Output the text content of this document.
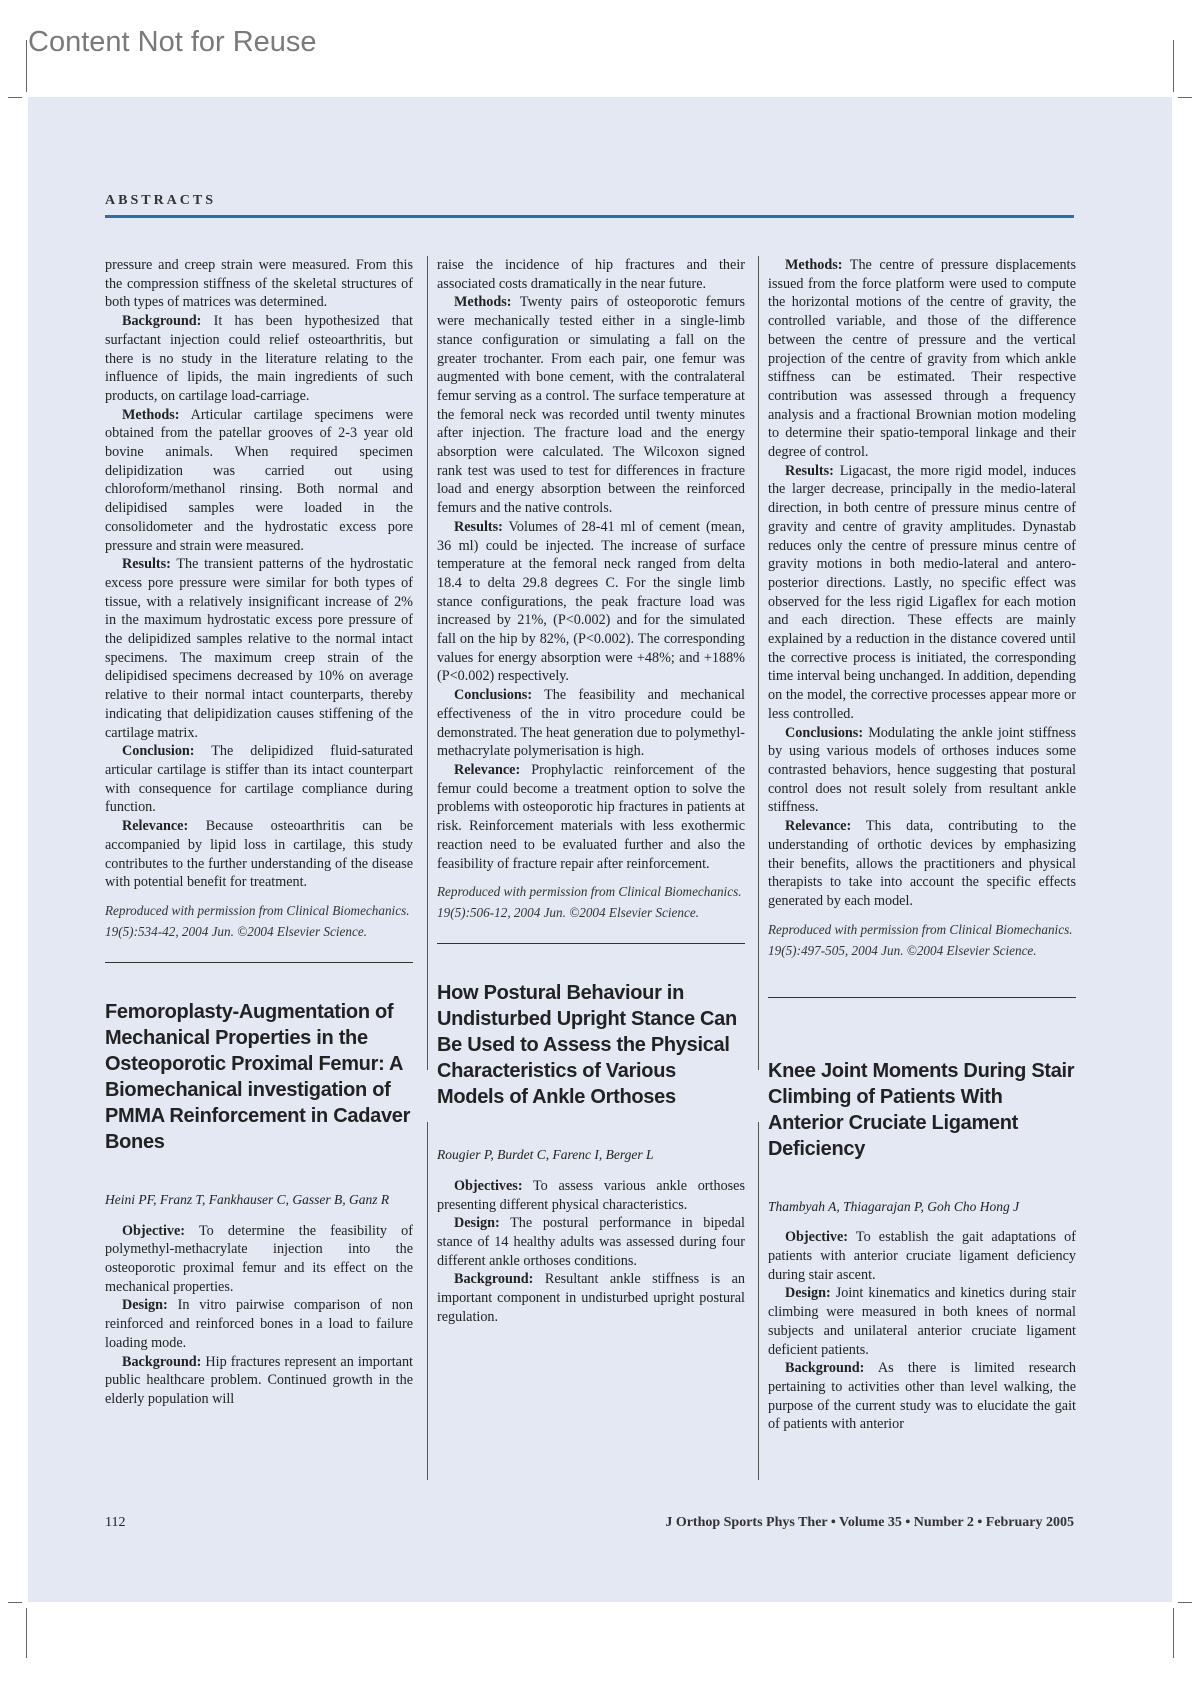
Content Not for Reuse
ABSTRACTS

pressure and creep strain were measured. From this the compression stiffness of the skeletal structures of both types of matrices was determined.

Background: It has been hypothesized that surfactant injection could relief osteoarthritis, but there is no study in the literature relating to the influence of lipids, the main ingredients of such products, on cartilage load-carriage.

Methods: Articular cartilage specimens were obtained from the patellar grooves of 2-3 year old bovine animals. When required specimen delipidization was carried out using chloroform/methanol rinsing. Both normal and delipidised samples were loaded in the consolidometer and the hydrostatic excess pore pressure and strain were measured.

Results: The transient patterns of the hydrostatic excess pore pressure were similar for both types of tissue, with a relatively insignificant increase of 2% in the maximum hydrostatic excess pore pressure of the delipidized samples relative to the normal intact specimens. The maximum creep strain of the delipidised specimens decreased by 10% on average relative to their normal intact counterparts, thereby indicating that delipidization causes stiffening of the cartilage matrix.

Conclusion: The delipidized fluid-saturated articular cartilage is stiffer than its intact counterpart with consequence for cartilage compliance during function.

Relevance: Because osteoarthritis can be accompanied by lipid loss in cartilage, this study contributes to the further understanding of the disease with potential benefit for treatment.

Reproduced with permission from Clinical Biomechanics. 19(5):534-42, 2004 Jun. ©2004 Elsevier Science.

Femoroplasty-Augmentation of Mechanical Properties in the Osteoporotic Proximal Femur: A Biomechanical investigation of PMMA Reinforcement in Cadaver Bones

Heini PF, Franz T, Fankhauser C, Gasser B, Ganz R

Objective: To determine the feasibility of polymethyl-methacrylate injection into the osteoporotic proximal femur and its effect on the mechanical properties.

Design: In vitro pairwise comparison of non reinforced and reinforced bones in a load to failure loading mode.

Background: Hip fractures represent an important public healthcare problem. Continued growth in the elderly population will

raise the incidence of hip fractures and their associated costs dramatically in the near future.

Methods: Twenty pairs of osteoporotic femurs were mechanically tested either in a single-limb stance configuration or simulating a fall on the greater trochanter. From each pair, one femur was augmented with bone cement, with the contralateral femur serving as a control. The surface temperature at the femoral neck was recorded until twenty minutes after injection. The fracture load and the energy absorption were calculated. The Wilcoxon signed rank test was used to test for differences in fracture load and energy absorption between the reinforced femurs and the native controls.

Results: Volumes of 28-41 ml of cement (mean, 36 ml) could be injected. The increase of surface temperature at the femoral neck ranged from delta 18.4 to delta 29.8 degrees C. For the single limb stance configurations, the peak fracture load was increased by 21%, (P<0.002) and for the simulated fall on the hip by 82%, (P<0.002). The corresponding values for energy absorption were +48%; and +188% (P<0.002) respectively.

Conclusions: The feasibility and mechanical effectiveness of the in vitro procedure could be demonstrated. The heat generation due to polymethyl-methacrylate polymerisation is high.

Relevance: Prophylactic reinforcement of the femur could become a treatment option to solve the problems with osteoporotic hip fractures in patients at risk. Reinforcement materials with less exothermic reaction need to be evaluated further and also the feasibility of fracture repair after reinforcement.

Reproduced with permission from Clinical Biomechanics. 19(5):506-12, 2004 Jun. ©2004 Elsevier Science.

How Postural Behaviour in Undisturbed Upright Stance Can Be Used to Assess the Physical Characteristics of Various Models of Ankle Orthoses

Rougier P, Burdet C, Farenc I, Berger L

Objectives: To assess various ankle orthoses presenting different physical characteristics.

Design: The postural performance in bipedal stance of 14 healthy adults was assessed during four different ankle orthoses conditions.

Background: Resultant ankle stiffness is an important component in undisturbed upright postural regulation.

Methods: The centre of pressure displacements issued from the force platform were used to compute the horizontal motions of the centre of gravity, the controlled variable, and those of the difference between the centre of pressure and the vertical projection of the centre of gravity from which ankle stiffness can be estimated. Their respective contribution was assessed through a frequency analysis and a fractional Brownian motion modeling to determine their spatio-temporal linkage and their degree of control.

Results: Ligacast, the more rigid model, induces the larger decrease, principally in the medio-lateral direction, in both centre of pressure minus centre of gravity and centre of gravity amplitudes. Dynastab reduces only the centre of pressure minus centre of gravity motions in both medio-lateral and antero-posterior directions. Lastly, no specific effect was observed for the less rigid Ligaflex for each motion and each direction. These effects are mainly explained by a reduction in the distance covered until the corrective process is initiated, the corresponding time interval being unchanged. In addition, depending on the model, the corrective processes appear more or less controlled.

Conclusions: Modulating the ankle joint stiffness by using various models of orthoses induces some contrasted behaviors, hence suggesting that postural control does not result solely from resultant ankle stiffness.

Relevance: This data, contributing to the understanding of orthotic devices by emphasizing their benefits, allows the practitioners and physical therapists to take into account the specific effects generated by each model.

Reproduced with permission from Clinical Biomechanics. 19(5):497-505, 2004 Jun. ©2004 Elsevier Science.

Knee Joint Moments During Stair Climbing of Patients With Anterior Cruciate Ligament Deficiency

Thambyah A, Thiagarajan P, Goh Cho Hong J

Objective: To establish the gait adaptations of patients with anterior cruciate ligament deficiency during stair ascent.

Design: Joint kinematics and kinetics during stair climbing were measured in both knees of normal subjects and unilateral anterior cruciate ligament deficient patients.

Background: As there is limited research pertaining to activities other than level walking, the purpose of the current study was to elucidate the gait of patients with anterior

112	J Orthop Sports Phys Ther • Volume 35 • Number 2 • February 2005
